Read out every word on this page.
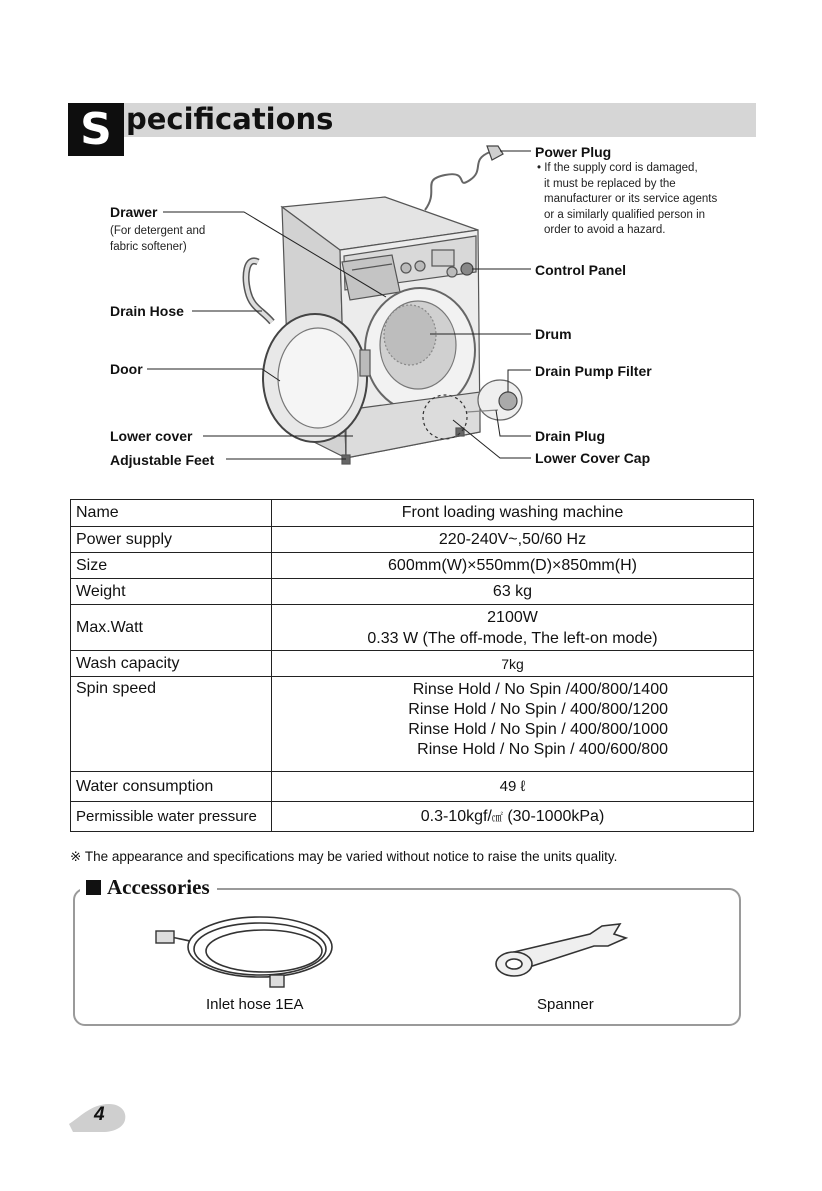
S pecifications
Power Plug
• If the supply cord is damaged,
it must be replaced by the
manufacturer or its service agents
or a similarly qualified person in
order to avoid a hazard.
Drawer
(For detergent and
fabric softener)
Control Panel
Drain Hose
Drum
Door	Drain Pump Filter
Lower cover	Drain Plug
Adjustable Feet	Lower Cover Cap
Name	Front loading washing machine
Power supply	220-240V~,50/60 Hz
Size	600mm(W)×550mm(D)×850mm(H)
Weight	63 kg
Max.Watt	2100W
0.33 W (The off-mode, The left-on mode)

Wash capacity	7kg
Spin speed	Rinse Hold / No Spin /400/800/1400
Rinse Hold / No Spin / 400/800/1200
Rinse Hold / No Spin / 400/800/1000
Rinse Hold / No Spin / 400/600/800

Water consumption	49 ℓ
Permissible water pressure	0.3-10kgf/㎠ (30-1000kPa)
※ The appearance and specifications may be varied without notice to raise the units quality.
Accessories
Inlet hose 1EA	Spanner
4
